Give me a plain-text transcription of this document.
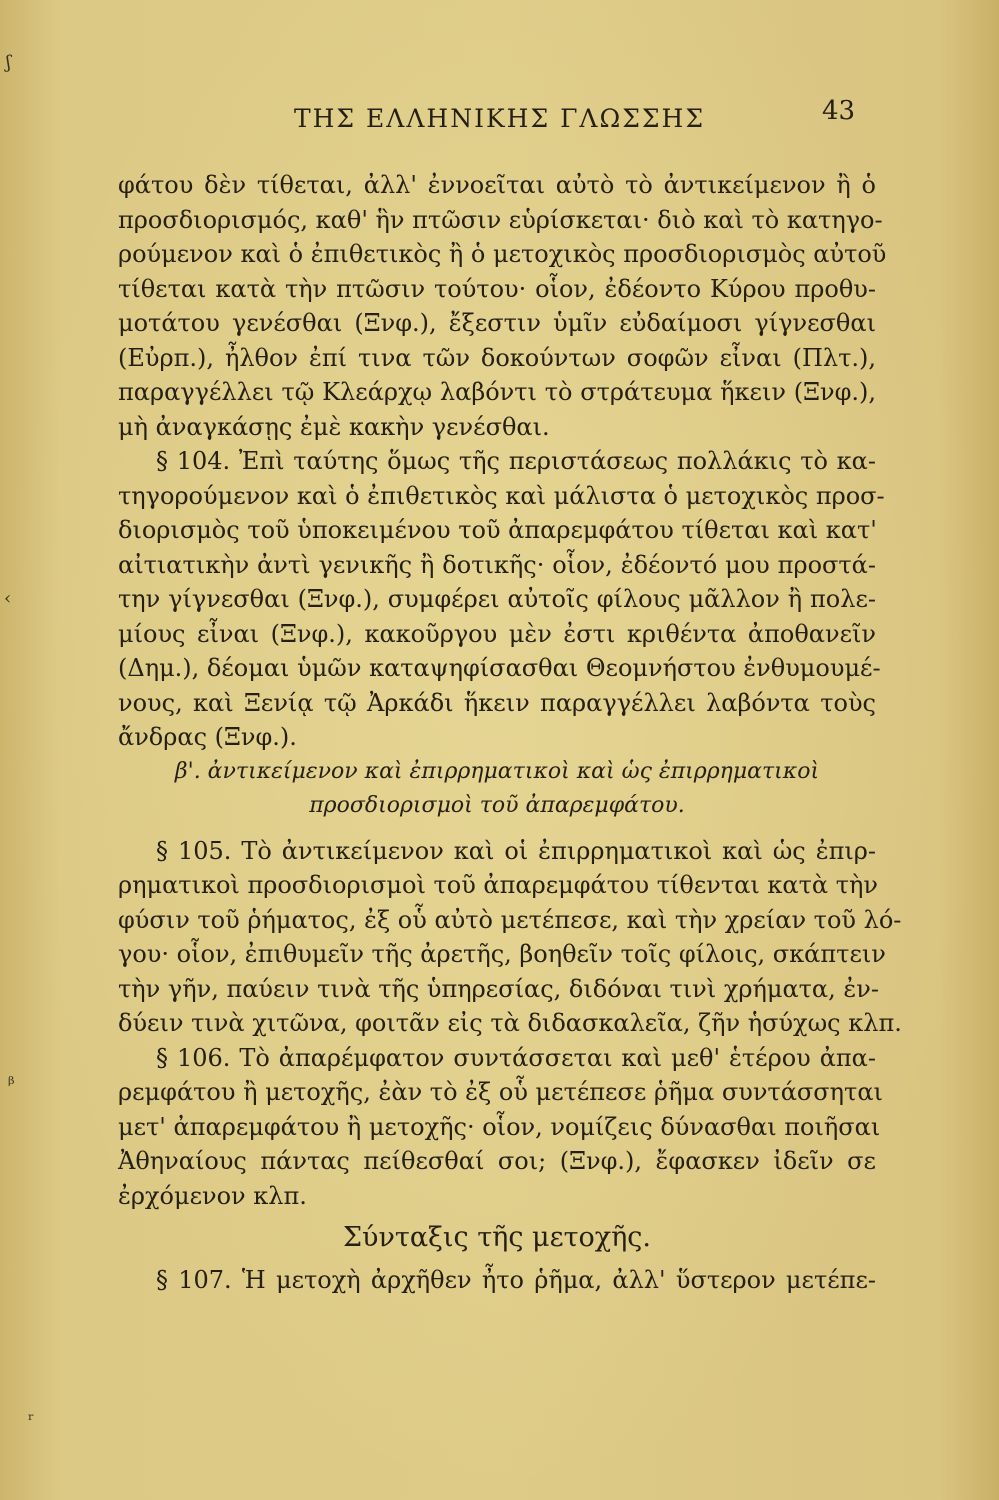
ʃ
‹
ᵦ
ʳ
ΤΗΣ ΕΛΛΗΝΙΚΗΣ ΓΛΩΣΣΗΣ	43
φάτου δὲν τίθεται, ἀλλ' ἐννοεῖται αὐτὸ τὸ ἀντικείμενον ἢ ὁ
προσδιορισμός, καθ' ἣν πτῶσιν εὑρίσκεται· διὸ καὶ τὸ κατηγο-
ρούμενον καὶ ὁ ἐπιθετικὸς ἢ ὁ μετοχικὸς προσδιορισμὸς αὐτοῦ
τίθεται κατὰ τὴν πτῶσιν τούτου· οἷον, ἐδέοντο Κύρου προθυ-
μοτάτου γενέσθαι (Ξνφ.), ἔξεστιν ὑμῖν εὐδαίμοσι γίγνεσθαι
(Εὐρπ.), ἦλθον ἐπί τινα τῶν δοκούντων σοφῶν εἶναι (Πλτ.),
παραγγέλλει τῷ Κλεάρχῳ λαβόντι τὸ στράτευμα ἥκειν (Ξνφ.),
μὴ ἀναγκάσῃς ἐμὲ κακὴν γενέσθαι.
§ 104. Ἐπὶ ταύτης ὅμως τῆς περιστάσεως πολλάκις τὸ κα-
τηγορούμενον καὶ ὁ ἐπιθετικὸς καὶ μάλιστα ὁ μετοχικὸς προσ-
διορισμὸς τοῦ ὑποκειμένου τοῦ ἀπαρεμφάτου τίθεται καὶ κατ'
αἰτιατικὴν ἀντὶ γενικῆς ἢ δοτικῆς· οἷον, ἐδέοντό μου προστά-
την γίγνεσθαι (Ξνφ.), συμφέρει αὐτοῖς φίλους μᾶλλον ἢ πολε-
μίους εἶναι (Ξνφ.), κακοῦργου μὲν ἐστι κριθέντα ἀποθανεῖν
(Δημ.), δέομαι ὑμῶν καταψηφίσασθαι Θεομνήστου ἐνθυμουμέ-
νους, καὶ Ξενίᾳ τῷ Ἀρκάδι ἥκειν παραγγέλλει λαβόντα τοὺς
ἄνδρας (Ξνφ.).
β'. ἀντικείμενον καὶ ἐπιρρηματικοὶ καὶ ὡς ἐπιρρηματικοὶ
προσδιορισμοὶ τοῦ ἀπαρεμφάτου.
§ 105. Τὸ ἀντικείμενον καὶ οἱ ἐπιρρηματικοὶ καὶ ὡς ἐπιρ-
ρηματικοὶ προσδιορισμοὶ τοῦ ἀπαρεμφάτου τίθενται κατὰ τὴν
φύσιν τοῦ ῥήματος, ἐξ οὗ αὐτὸ μετέπεσε, καὶ τὴν χρείαν τοῦ λό-
γου· οἷον, ἐπιθυμεῖν τῆς ἀρετῆς, βοηθεῖν τοῖς φίλοις, σκάπτειν
τὴν γῆν, παύειν τινὰ τῆς ὑπηρεσίας, διδόναι τινὶ χρήματα, ἐν-
δύειν τινὰ χιτῶνα, φοιτᾶν εἰς τὰ διδασκαλεῖα, ζῆν ἡσύχως κλπ.
§ 106. Τὸ ἀπαρέμφατον συντάσσεται καὶ μεθ' ἑτέρου ἀπα-
ρεμφάτου ἢ μετοχῆς, ἐὰν τὸ ἐξ οὗ μετέπεσε ῥῆμα συντάσσηται
μετ' ἀπαρεμφάτου ἢ μετοχῆς· οἷον, νομίζεις δύνασθαι ποιῆσαι
Ἀθηναίους πάντας πείθεσθαί σοι; (Ξνφ.), ἔφασκεν ἰδεῖν σε
ἐρχόμενον κλπ.
Σύνταξις τῆς μετοχῆς.
§ 107. Ἡ μετοχὴ ἀρχῆθεν ἦτο ῥῆμα, ἀλλ' ὕστερον μετέπε-
